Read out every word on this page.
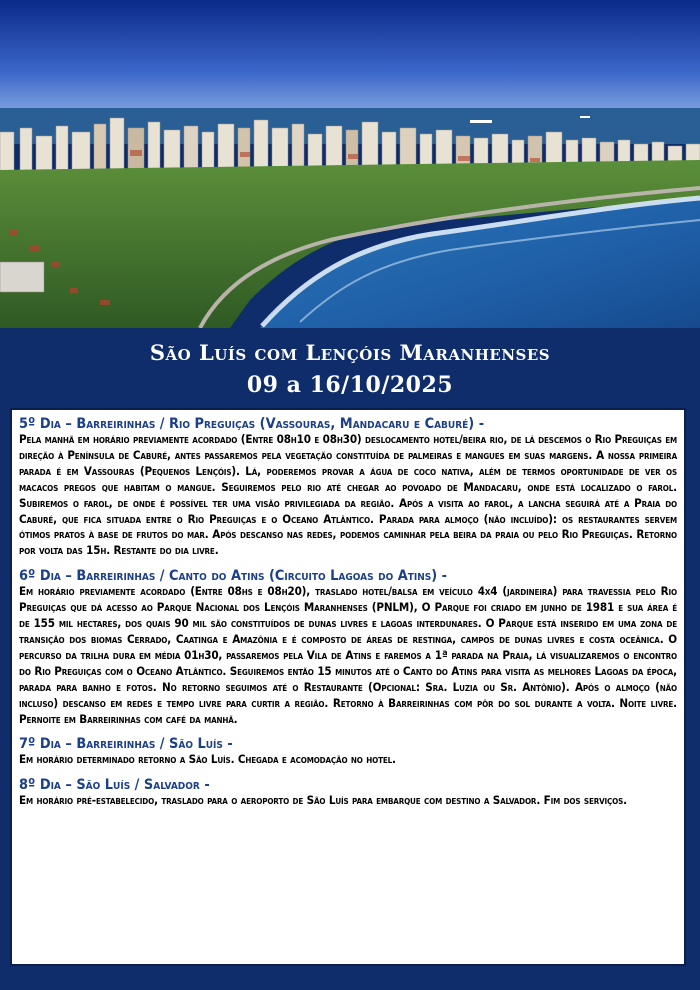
São Luís com Lençóis Maranhenses
09 a 16/10/2025

5º Dia – Barreirinhas / Rio Preguiças (Vassouras, Mandacaru e Caburé) -

Pela manhã em horário previamente acordado (Entre 08h10 e 08h30) deslocamento hotel/beira rio, de lá descemos o Rio Preguiças em direção à Península de Caburé, antes passaremos pela vegetação constituída de palmeiras e mangues em suas margens. A nossa primeira parada é em Vassouras (Pequenos Lençóis). Lá, poderemos provar a água de coco nativa, além de termos oportunidade de ver os macacos pregos que habitam o mangue. Seguiremos pelo rio até chegar ao povoado de Mandacaru, onde está localizado o farol. Subiremos o farol, de onde é possível ter uma visão privilegiada da região. Após a visita ao farol, a lancha seguirá até a Praia do Caburé, que fica situada entre o Rio Preguiças e o Oceano Atlântico. Parada para almoço (não incluído): os restaurantes servem ótimos pratos à base de frutos do mar. Após descanso nas redes, podemos caminhar pela beira da praia ou pelo Rio Preguiças. Retorno por volta das 15h. Restante do dia livre.

6º Dia – Barreirinhas / Canto do Atins (Circuito Lagoas do Atins) -

Em horário previamente acordado (Entre 08hs e 08h20), traslado hotel/balsa em veículo 4x4 (jardineira) para travessia pelo Rio Preguiças que dá acesso ao Parque Nacional dos Lençóis Maranhenses (PNLM), O Parque foi criado em junho de 1981 e sua área é de 155 mil hectares, dos quais 90 mil são constituídos de dunas livres e lagoas interdunares. O Parque está inserido em uma zona de transição dos biomas Cerrado, Caatinga e Amazônia e é composto de áreas de restinga, campos de dunas livres e costa oceânica. O percurso da trilha dura em média 01h30, passaremos pela Vila de Atins e faremos a 1ª parada na Praia, lá visualizaremos o encontro do Rio Preguiças com o Oceano Atlântico. Seguiremos então 15 minutos até o Canto do Atins para visita as melhores Lagoas da época, parada para banho e fotos. No retorno seguimos até o Restaurante (Opcional: Sra. Luzia ou Sr. Antônio). Após o almoço (não incluso) descanso em redes e tempo livre para curtir a região. Retorno à Barreirinhas com pôr do sol durante a volta. Noite livre. Pernoite em Barreirinhas com café da manhã.

7º Dia – Barreirinhas / São Luís -

Em horário determinado retorno a São Luís. Chegada e acomodação no hotel.

8º Dia – São Luís / Salvador -

Em horário pré-estabelecido, traslado para o aeroporto de São Luís para embarque com destino a Salvador. Fim dos serviços.
